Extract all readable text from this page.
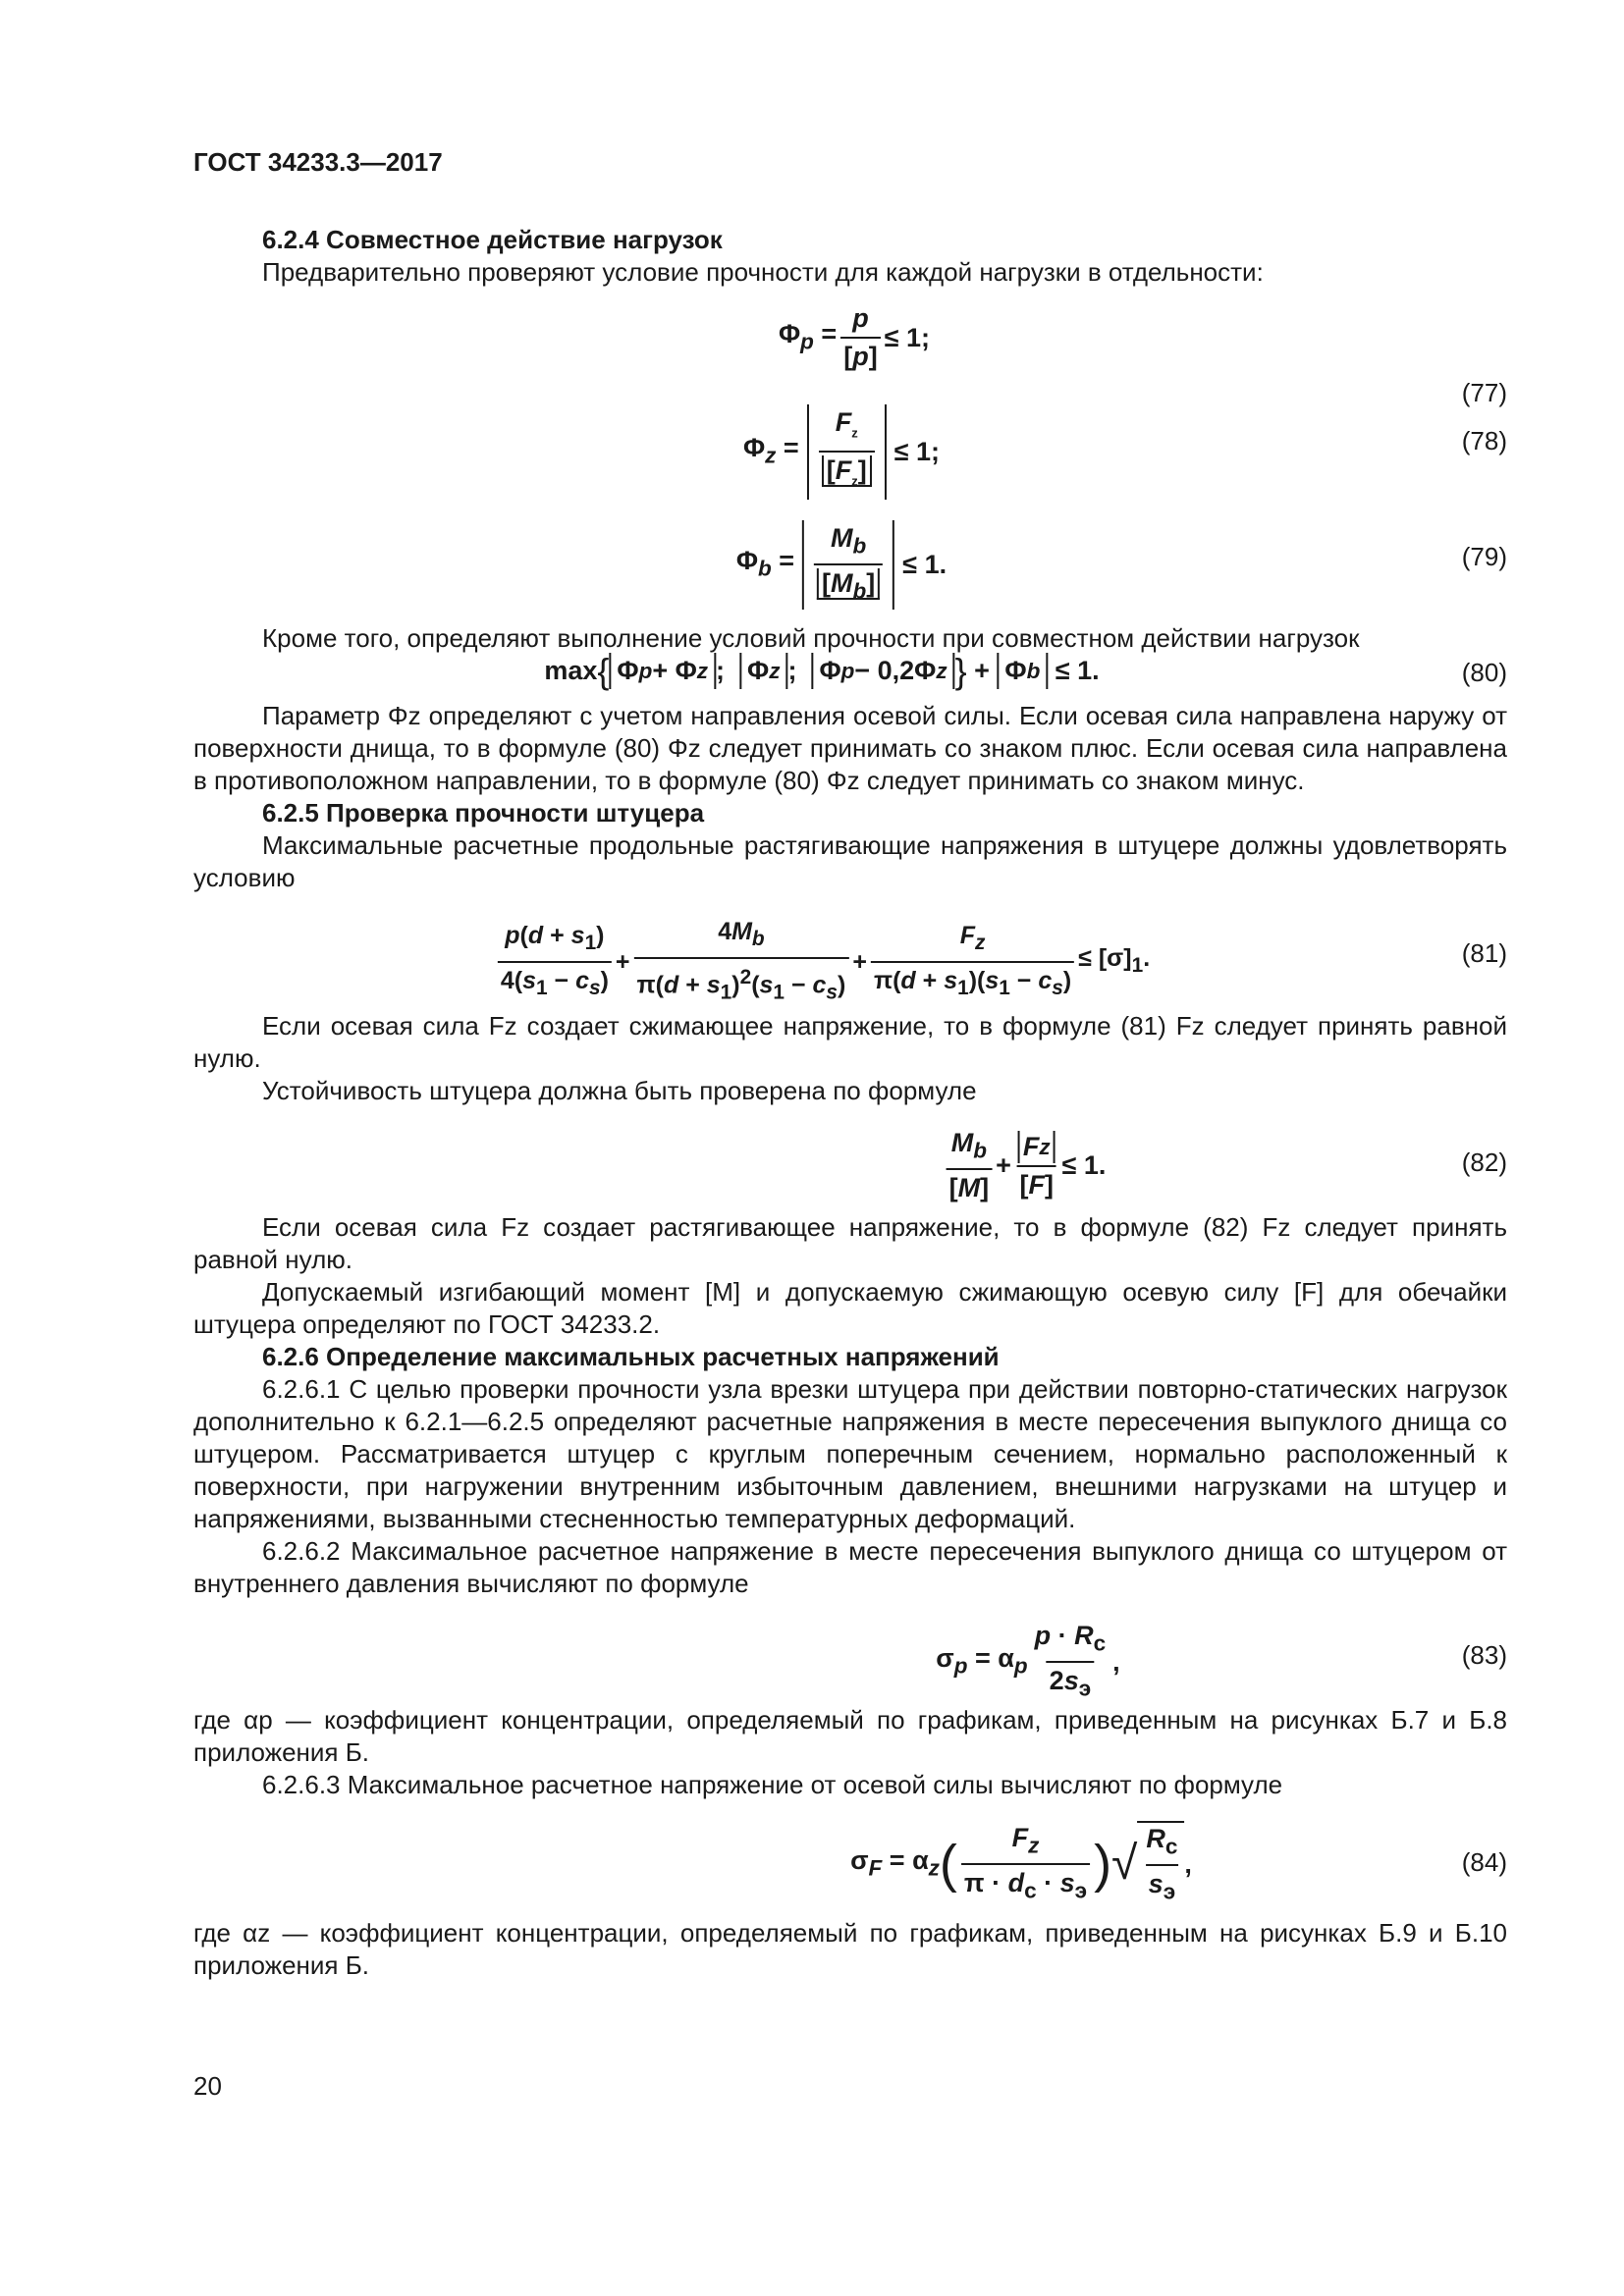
ГОСТ 34233.3—2017

6.2.4 Совместное действие нагрузок

Предварительно проверяют условие прочности для каждой нагрузки в отдельности:

$\Phi_p = \frac{p}{[p]} \le 1$;
(77)
$\Phi_z = \frac{F_z}{[F_z]} \le 1$;	(78)
$\Phi_b = \frac{M_b}{[M_b]} \le 1$.	(79)

Кроме того, определяют выполнение условий прочности при совместном действии нагрузок

max { Φ p + Φ z ; Φ z ; Φ p − 0,2Φ z } + Φ b ≤ 1.	(80)

Параметр Φz определяют с учетом направления осевой силы. Если осевая сила направлена наружу от поверхности днища, то в формуле (80) Φz следует принимать со знаком плюс. Если осевая сила направлена в противоположном направлении, то в формуле (80) Φz следует принимать со знаком минус.

6.2.5 Проверка прочности штуцера

Максимальные расчетные продольные растягивающие напряжения в штуцере должны удовлетворять условию

$\frac{p(d + s_1)}{4(s_1 - c_s)} + \frac{4M_b}{\pi(d + s_1)^2(s_1 - c_s)} + \frac{F_z}{\pi(d + s_1)(s_1 - c_s)} \le [\sigma]_1$.	(81)

Если осевая сила Fz создает сжимающее напряжение, то в формуле (81) Fz следует принять равной нулю.

Устойчивость штуцера должна быть проверена по формуле

$\frac{M_b}{[M]} + \frac{\text{F z}}{[F]} \le 1$.	(82)

Если осевая сила Fz создает растягивающее напряжение, то в формуле (82) Fz следует принять равной нулю.

Допускаемый изгибающий момент [M] и допускаемую сжимающую осевую силу [F] для обечайки штуцера определяют по ГОСТ 34233.2.

6.2.6 Определение максимальных расчетных напряжений

6.2.6.1 С целью проверки прочности узла врезки штуцера при действии повторно-статических нагрузок дополнительно к 6.2.1—6.2.5 определяют расчетные напряжения в месте пересечения выпуклого днища со штуцером. Рассматривается штуцер с круглым поперечным сечением, нормально расположенный к поверхности, при нагружении внутренним избыточным давлением, внешними нагрузками на штуцер и напряжениями, вызванными стесненностью температурных деформаций.

6.2.6.2 Максимальное расчетное напряжение в месте пересечения выпуклого днища со штуцером от внутреннего давления вычисляют по формуле

$\sigma_p = \alpha_p \frac{p \cdot R_с}{2s_э}$ ,	(83)

где αp — коэффициент концентрации, определяемый по графикам, приведенным на рисунках Б.7 и Б.8 приложения Б.

6.2.6.3 Максимальное расчетное напряжение от осевой силы вычисляют по формуле

$\sigma_F = \alpha_z$ ( $\frac{F_z}{\pi \cdot d_с \cdot s_э}$ ) √ $\frac{R_с}{s_э}$ ,	(84)

где αz — коэффициент концентрации, определяемый по графикам, приведенным на рисунках Б.9 и Б.10 приложения Б.

20
